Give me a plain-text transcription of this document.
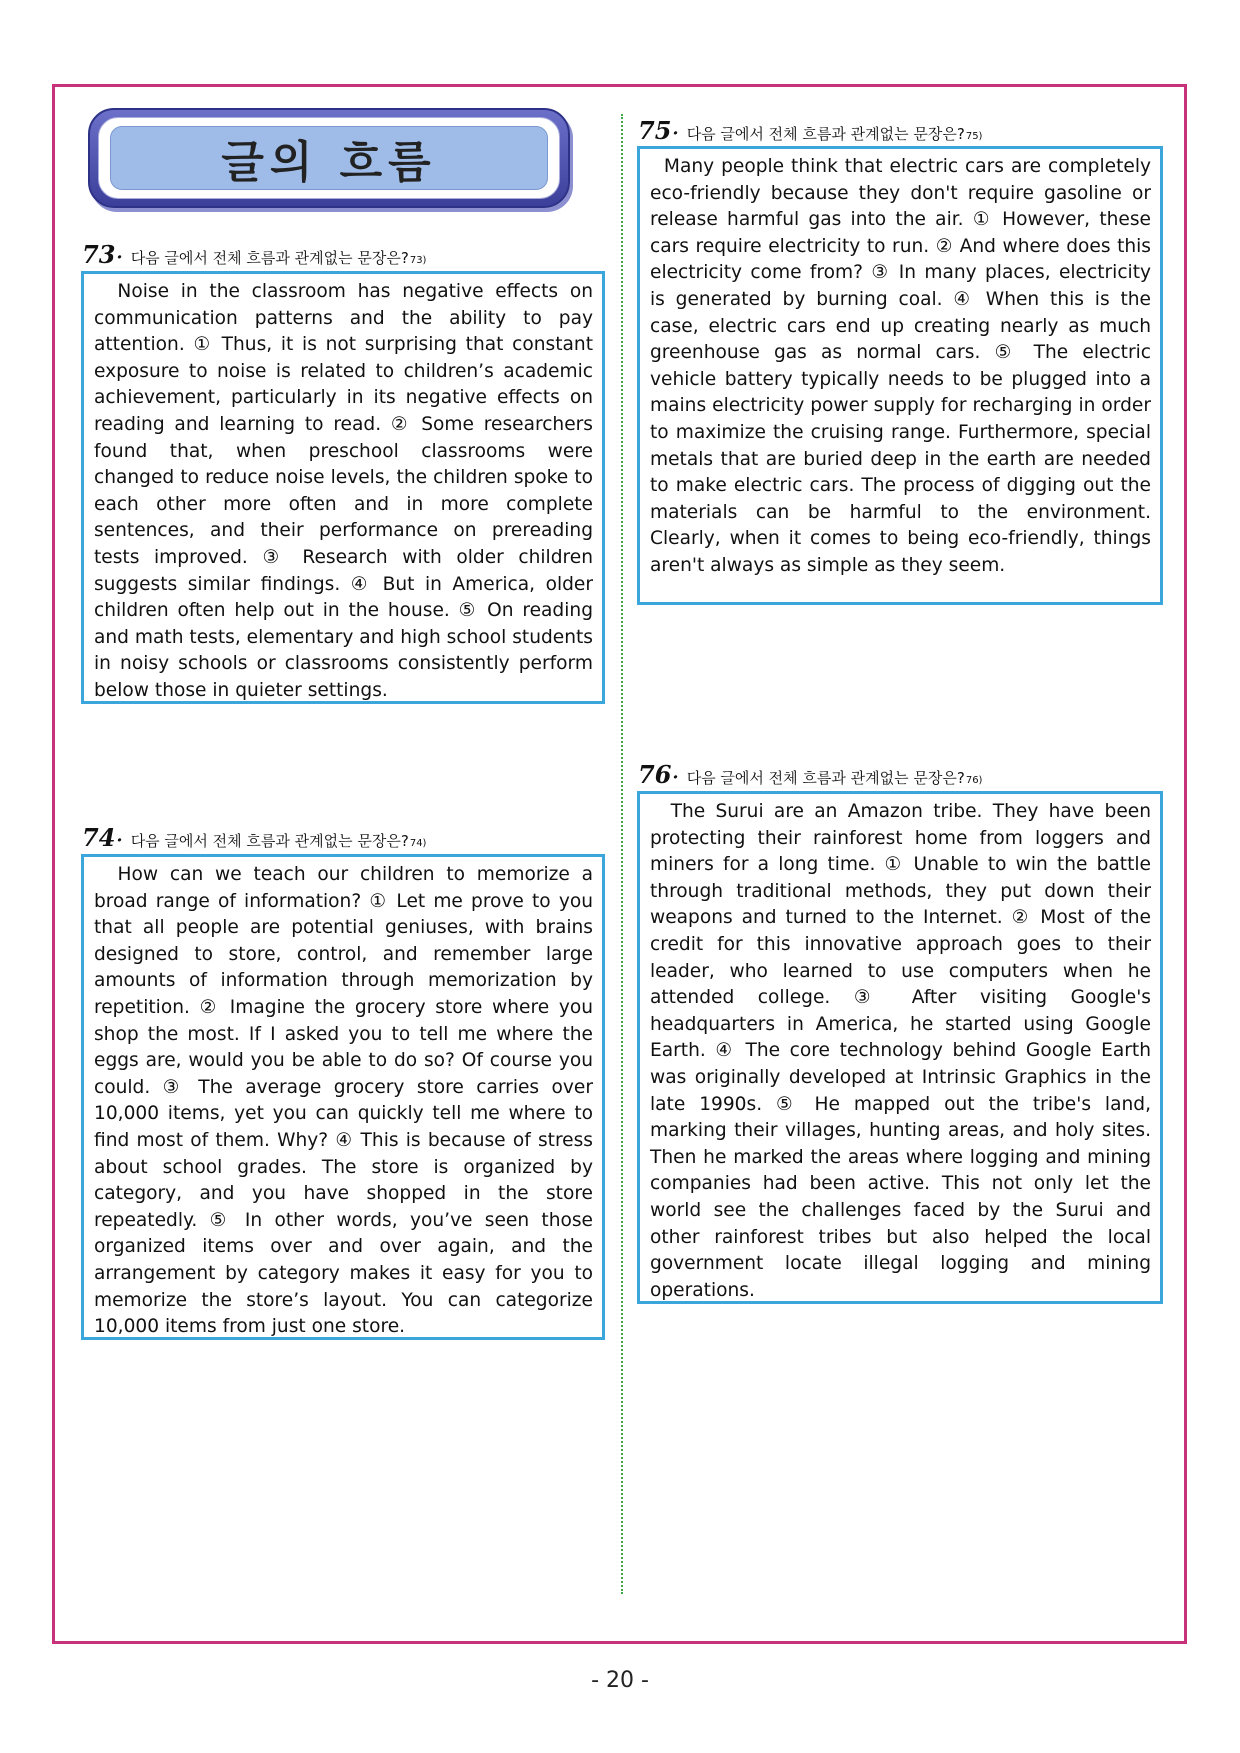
글의 흐름
73 ·	다음 글에서 전체 흐름과 관계없는 문장은? 73)
Noise in the classroom has negative effects on communication patterns and the ability to pay attention. ① Thus, it is not surprising that constant exposure to noise is related to children’s academic achievement, particularly in its negative effects on reading and learning to read. ② Some researchers found that, when preschool classrooms were changed to reduce noise levels, the children spoke to each other more often and in more complete sentences, and their performance on prereading tests improved. ③ Research with older children suggests similar findings. ④ But in America, older children often help out in the house. ⑤ On reading and math tests, elementary and high school students in noisy schools or classrooms consistently perform below those in quieter settings.
74 ·	다음 글에서 전체 흐름과 관계없는 문장은? 74)
How can we teach our children to memorize a broad range of information? ① Let me prove to you that all people are potential geniuses, with brains designed to store, control, and remember large amounts of information through memorization by repetition. ② Imagine the grocery store where you shop the most. If I asked you to tell me where the eggs are, would you be able to do so? Of course you could. ③ The average grocery store carries over 10,000 items, yet you can quickly tell me where to find most of them. Why? ④ This is because of stress about school grades. The store is organized by category, and you have shopped in the store repeatedly. ⑤ In other words, you’ve seen those organized items over and over again, and the arrangement by category makes it easy for you to memorize the store’s layout. You can categorize 10,000 items from just one store.
75 ·	다음 글에서 전체 흐름과 관계없는 문장은? 75)
Many people think that electric cars are completely eco-friendly because they don't require gasoline or release harmful gas into the air. ① However, these cars require electricity to run. ② And where does this electricity come from? ③ In many places, electricity is generated by burning coal. ④ When this is the case, electric cars end up creating nearly as much greenhouse gas as normal cars. ⑤ The electric vehicle battery typically needs to be plugged into a mains electricity power supply for recharging in order to maximize the cruising range. Furthermore, special metals that are buried deep in the earth are needed to make electric cars. The process of digging out the materials can be harmful to the environment. Clearly, when it comes to being eco-friendly, things aren't always as simple as they seem.
76 ·	다음 글에서 전체 흐름과 관계없는 문장은? 76)
The Surui are an Amazon tribe. They have been protecting their rainforest home from loggers and miners for a long time. ① Unable to win the battle through traditional methods, they put down their weapons and turned to the Internet. ② Most of the credit for this innovative approach goes to their leader, who learned to use computers when he attended college. ③ After visiting Google's headquarters in America, he started using Google Earth. ④ The core technology behind Google Earth was originally developed at Intrinsic Graphics in the late 1990s. ⑤ He mapped out the tribe's land, marking their villages, hunting areas, and holy sites. Then he marked the areas where logging and mining companies had been active. This not only let the world see the challenges faced by the Surui and other rainforest tribes but also helped the local government locate illegal logging and mining operations.
- 20 -
